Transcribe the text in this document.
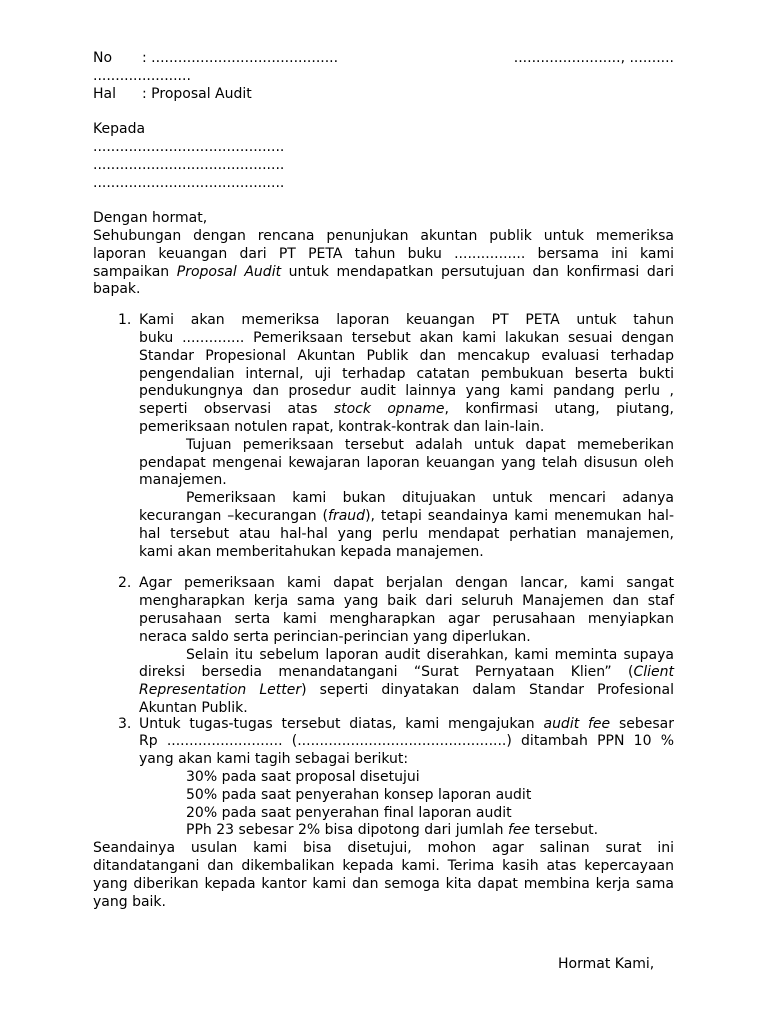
No : ..........................................	........................, ..........
......................
Hal : Proposal Audit
Kepada
...........................................
...........................................
...........................................
Dengan hormat,
Sehubungan dengan rencana penunjukan akuntan publik untuk memeriksa
laporan keuangan dari PT PETA tahun buku ................ bersama ini kami
sampaikan Proposal Audit untuk mendapatkan persutujuan dan konfirmasi dari
bapak.
1. Kami akan memeriksa laporan keuangan PT PETA untuk tahun
buku .............. Pemeriksaan tersebut akan kami lakukan sesuai dengan
Standar Propesional Akuntan Publik dan mencakup evaluasi terhadap
pengendalian internal, uji terhadap catatan pembukuan beserta bukti
pendukungnya dan prosedur audit lainnya yang kami pandang perlu ,
seperti observasi atas stock opname, konfirmasi utang, piutang,
pemeriksaan notulen rapat, kontrak-kontrak dan lain-lain.
Tujuan pemeriksaan tersebut adalah untuk dapat memeberikan
pendapat mengenai kewajaran laporan keuangan yang telah disusun oleh
manajemen.
Pemeriksaan kami bukan ditujuakan untuk mencari adanya
kecurangan –kecurangan (fraud), tetapi seandainya kami menemukan hal-
hal tersebut atau hal-hal yang perlu mendapat perhatian manajemen,
kami akan memberitahukan kepada manajemen.
2. Agar pemeriksaan kami dapat berjalan dengan lancar, kami sangat
mengharapkan kerja sama yang baik dari seluruh Manajemen dan staf
perusahaan serta kami mengharapkan agar perusahaan menyiapkan
neraca saldo serta perincian-perincian yang diperlukan.
Selain itu sebelum laporan audit diserahkan, kami meminta supaya
direksi bersedia menandatangani “Surat Pernyataan Klien” (Client
Representation Letter) seperti dinyatakan dalam Standar Profesional
Akuntan Publik.
3. Untuk tugas-tugas tersebut diatas, kami mengajukan audit fee sebesar
Rp .......................... (...............................................) ditambah PPN 10 %
yang akan kami tagih sebagai berikut:
30% pada saat proposal disetujui
50% pada saat penyerahan konsep laporan audit
20% pada saat penyerahan final laporan audit
PPh 23 sebesar 2% bisa dipotong dari jumlah fee tersebut.
Seandainya usulan kami bisa disetujui, mohon agar salinan surat ini
ditandatangani dan dikembalikan kepada kami. Terima kasih atas kepercayaan
yang diberikan kepada kantor kami dan semoga kita dapat membina kerja sama
yang baik.
Hormat Kami,
